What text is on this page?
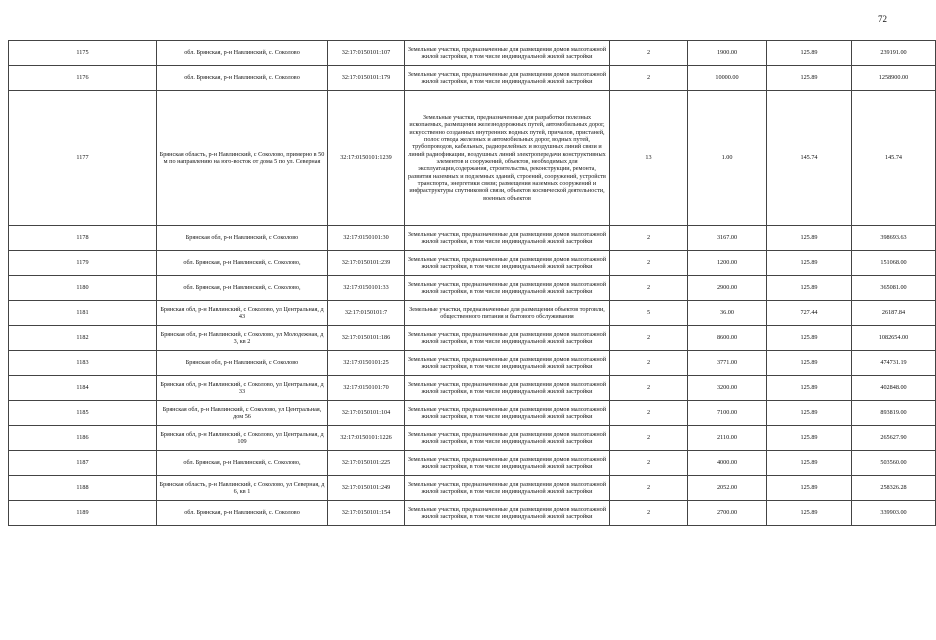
72
1175	обл. Брянская, р-н Навлинский, с. Соколово	32:17:0150101:107	Земельные участки, предназначенные для размещения домов малоэтажной жилой застройки, в том числе индивидуальной жилой застройки	2	1900.00	125.89	239191.00
1176	обл. Брянская, р-н Навлинский, с. Соколово	32:17:0150101:179	Земельные участки, предназначенные для размещения домов малоэтажной жилой застройки, в том числе индивидуальной жилой застройки	2	10000.00	125.89	1258900.00
1177	Брянская область, р-н Навлинский, с Соколово, примерно в 50 м по направлению на юго-восток от дома 5 по ул. Северная	32:17:0150101:1239	Земельные участки, предназначенные для разработки полезных ископаемых, размещения железнодорожных путей, автомобильных дорог, искусственно созданных внутренних водных путей, причалов, пристаней, полос отвода железных и автомобильных дорог, водных путей, трубопроводов, кабельных, радиорелейных и воздушных линий связи и линий радиофикации, воздушных линий электропередачи конструктивных элементов и сооружений, объектов, необходимых для эксплуатации,содержания, строительства, реконструкции, ремонта, развития наземных и подземных зданий, строений, сооружений, устройств транспорта, энергетики связи; размещения наземных сооружений и инфраструктуры спутниковой связи, объектов космической деятельности, военных объектов	13	1.00	145.74	145.74
1178	Брянская обл, р-н Навлинский, с Соколово	32:17:0150101:30	Земельные участки, предназначенные для размещения домов малоэтажной жилой застройки, в том числе индивидуальной жилой застройки	2	3167.00	125.89	398693.63
1179	обл. Брянская, р-н Навлинский, с. Соколово,	32:17:0150101:239	Земельные участки, предназначенные для размещения домов малоэтажной жилой застройки, в том числе индивидуальной жилой застройки	2	1200.00	125.89	151068.00
1180	обл. Брянская, р-н Навлинский, с. Соколово,	32:17:0150101:33	Земельные участки, предназначенные для размещения домов малоэтажной жилой застройки, в том числе индивидуальной жилой застройки	2	2900.00	125.89	365081.00
1181	Брянская обл, р-н Навлинский, с Соколово, ул Центральная, д 43	32:17:0150101:7	Земельные участки, предназначенные для размещения объектов торговли, общественного питания и бытового обслуживания	5	36.00	727.44	26187.84
1182	Брянская обл, р-н Навлинский, с Соколово, ул Молодежная, д 3, кв 2	32:17:0150101:186	Земельные участки, предназначенные для размещения домов малоэтажной жилой застройки, в том числе индивидуальной жилой застройки	2	8600.00	125.89	1082654.00
1183	Брянская обл, р-н Навлинский, с Соколово	32:17:0150101:25	Земельные участки, предназначенные для размещения домов малоэтажной жилой застройки, в том числе индивидуальной жилой застройки	2	3771.00	125.89	474731.19
1184	Брянская обл, р-н Навлинский, с Соколово, ул Центральная, д 33	32:17:0150101:70	Земельные участки, предназначенные для размещения домов малоэтажной жилой застройки, в том числе индивидуальной жилой застройки	2	3200.00	125.89	402848.00
1185	Брянская обл, р-н Навлинский, с Соколово, ул Центральная, дом 56	32:17:0150101:104	Земельные участки, предназначенные для размещения домов малоэтажной жилой застройки, в том числе индивидуальной жилой застройки	2	7100.00	125.89	893819.00
1186	Брянская обл, р-н Навлинский, с Соколово, ул Центральная, д 109	32:17:0150101:1226	Земельные участки, предназначенные для размещения домов малоэтажной жилой застройки, в том числе индивидуальной жилой застройки	2	2110.00	125.89	265627.90
1187	обл. Брянская, р-н Навлинский, с. Соколово,	32:17:0150101:225	Земельные участки, предназначенные для размещения домов малоэтажной жилой застройки, в том числе индивидуальной жилой застройки	2	4000.00	125.89	503560.00
1188	Брянская область, р-н Навлинский, с Соколово, ул Северная, д 6, кв 1	32:17:0150101:249	Земельные участки, предназначенные для размещения домов малоэтажной жилой застройки, в том числе индивидуальной жилой застройки	2	2052.00	125.89	258326.28
1189	обл. Брянская, р-н Навлинский, с. Соколово	32:17:0150101:154	Земельные участки, предназначенные для размещения домов малоэтажной жилой застройки, в том числе индивидуальной жилой застройки	2	2700.00	125.89	339903.00
